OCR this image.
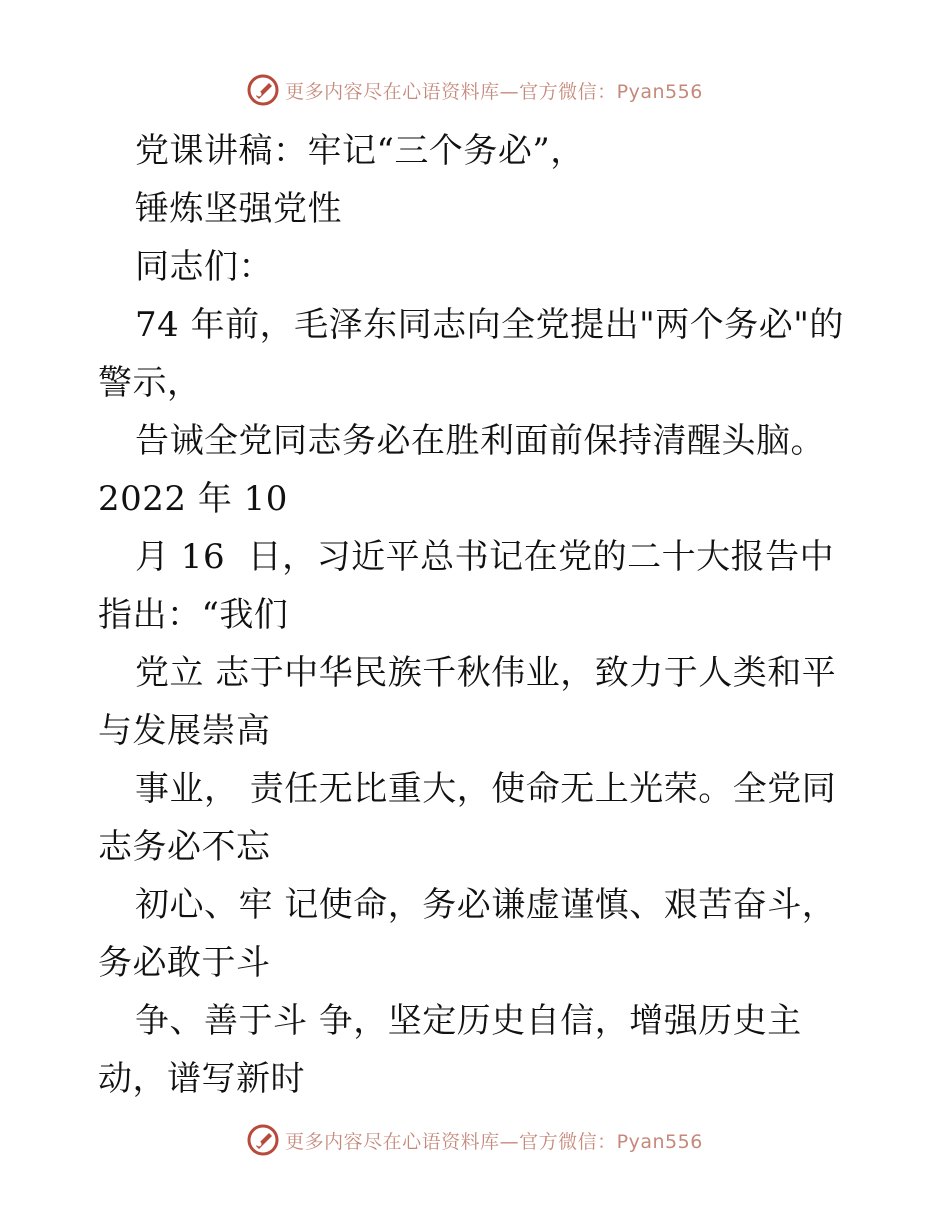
更多内容尽在心语资料库—官方微信：Pyan556
党课讲稿：牢记“三个务必”，
锤炼坚强党性
同志们：
74 年前，毛泽东同志向全党提出"两个务必"的
警示，
告诫全党同志务必在胜利面前保持清醒头脑。
2022 年 10
月 16  日，习近平总书记在党的二十大报告中
指出：“我们
党立 志于中华民族千秋伟业，致力于人类和平
与发展崇高
事业， 责任无比重大，使命无上光荣。全党同
志务必不忘
初心、牢 记使命，务必谦虚谨慎、艰苦奋斗，
务必敢于斗
争、善于斗 争，坚定历史自信，增强历史主
动，谱写新时
更多内容尽在心语资料库—官方微信：Pyan556
